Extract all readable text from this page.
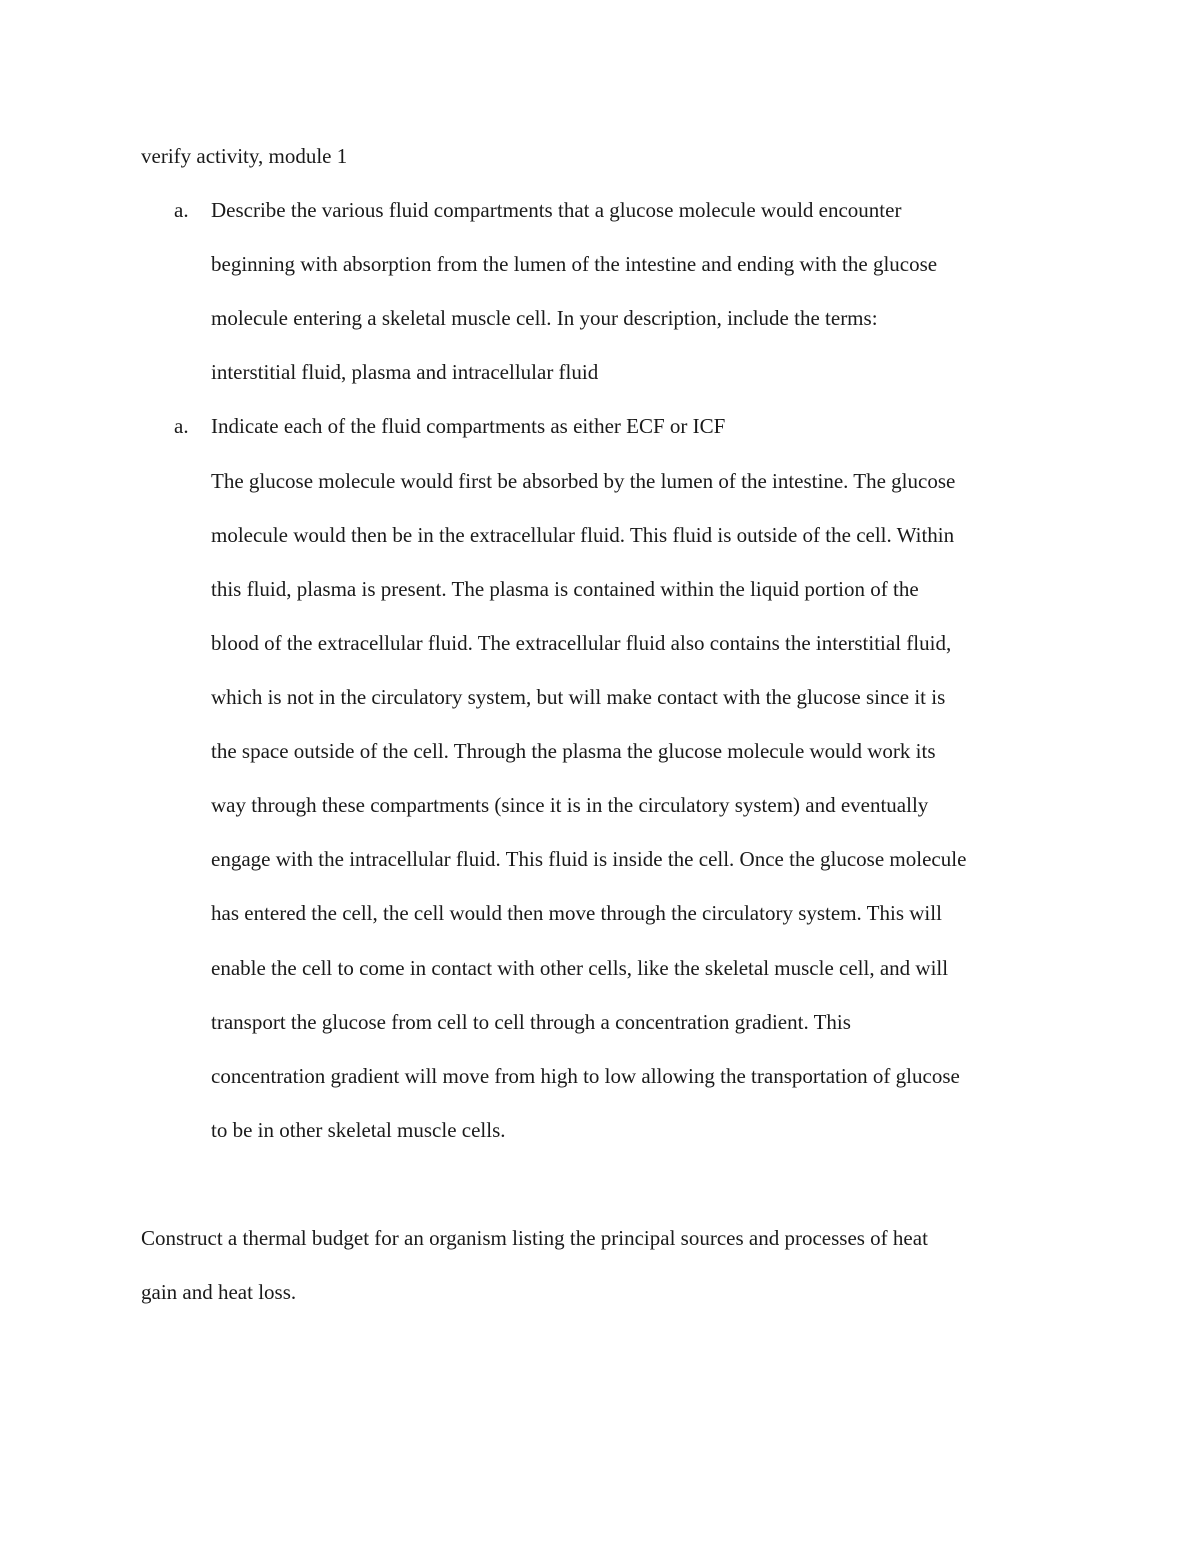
verify activity, module 1

a. Describe the various fluid compartments that a glucose molecule would encounter

beginning with absorption from the lumen of the intestine and ending with the glucose

molecule entering a skeletal muscle cell. In your description, include the terms:

interstitial fluid, plasma and intracellular fluid

a. Indicate each of the fluid compartments as either ECF or ICF

The glucose molecule would first be absorbed by the lumen of the intestine. The glucose

molecule would then be in the extracellular fluid. This fluid is outside of the cell. Within

this fluid, plasma is present. The plasma is contained within the liquid portion of the

blood of the extracellular fluid. The extracellular fluid also contains the interstitial fluid,

which is not in the circulatory system, but will make contact with the glucose since it is

the space outside of the cell. Through the plasma the glucose molecule would work its

way through these compartments (since it is in the circulatory system) and eventually

engage with the intracellular fluid. This fluid is inside the cell. Once the glucose molecule

has entered the cell, the cell would then move through the circulatory system. This will

enable the cell to come in contact with other cells, like the skeletal muscle cell, and will

transport the glucose from cell to cell through a concentration gradient. This

concentration gradient will move from high to low allowing the transportation of glucose

to be in other skeletal muscle cells.

Construct a thermal budget for an organism listing the principal sources and processes of heat

gain and heat loss.
